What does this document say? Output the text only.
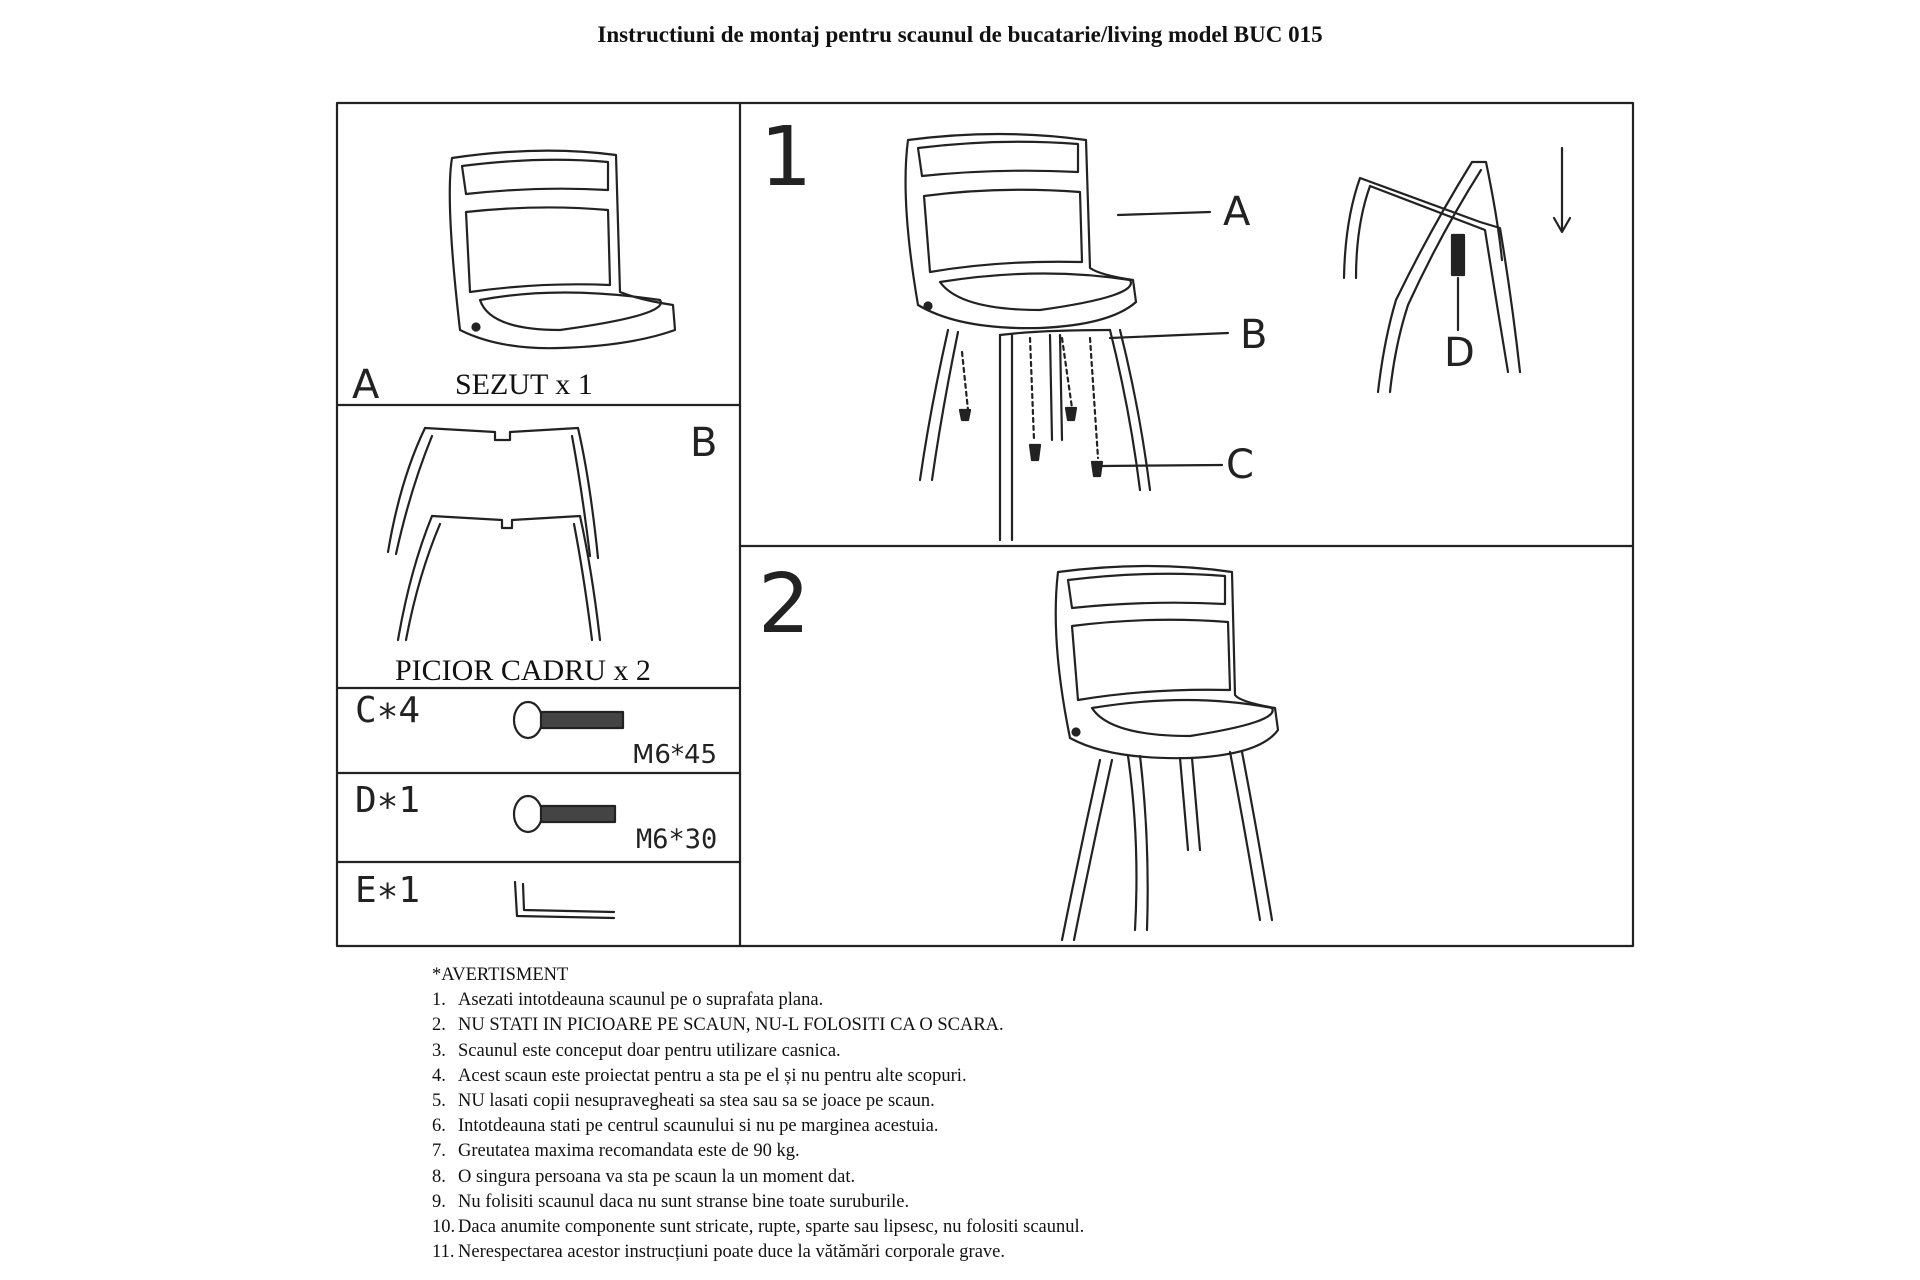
Instructiuni de montaj pentru scaunul de bucatarie/living model BUC 015
A	SEZUT x 1
B
PICIOR CADRU x 2
C∗4
M6*45
D∗1
M6*30
E∗1
1
2
A
B
C
D
*AVERTISMENT
1. Asezati intotdeauna scaunul pe o suprafata plana.
2. NU STATI IN PICIOARE PE SCAUN, NU-L FOLOSITI CA O SCARA.
3. Scaunul este conceput doar pentru utilizare casnica.
4. Acest scaun este proiectat pentru a sta pe el și nu pentru alte scopuri.
5. NU lasati copii nesupravegheati sa stea sau sa se joace pe scaun.
6. Intotdeauna stati pe centrul scaunului si nu pe marginea acestuia.
7. Greutatea maxima recomandata este de 90 kg.
8. O singura persoana va sta pe scaun la un moment dat.
9. Nu folisiti scaunul daca nu sunt stranse bine toate suruburile.
10. Daca anumite componente sunt stricate, rupte, sparte sau lipsesc, nu folositi scaunul.
11. Nerespectarea acestor instrucțiuni poate duce la vătămări corporale grave.
